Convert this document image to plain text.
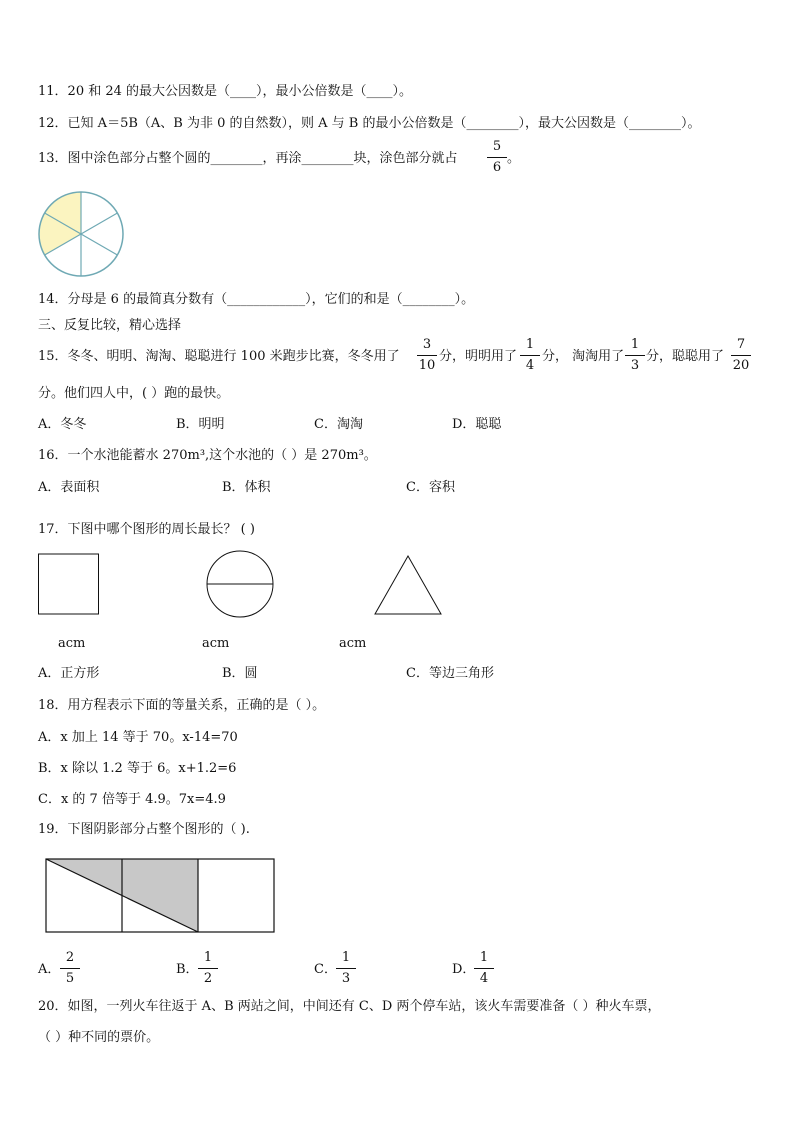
11．20 和 24 的最大公因数是（____），最小公倍数是（____）。
12．已知 A＝5B（A、B 为非 0 的自然数），则 A 与 B 的最小公倍数是（________），最大公因数是（________）。
13．图中涂色部分占整个圆的________，再涂________块，涂色部分就占
5
6
。
14．分母是 6 的最简真分数有（____________），它们的和是（________）。
三、反复比较，精心选择
15．冬冬、明明、淘淘、聪聪进行 100 米跑步比赛，冬冬用了
3
10
分，明明用了
1
4
分， 淘淘用了
1
3
分，聪聪用了
7
20
分。他们四人中，( ）跑的最快。
A．冬冬	B．明明	C．淘淘	D．聪聪
16．一个水池能蓄水 270m³,这个水池的（ ）是 270m³。
A．表面积	B．体积	C．容积
17．下图中哪个图形的周长最长？ ( )
acm	acm	acm
A．正方形	B．圆	C．等边三角形
18．用方程表示下面的等量关系，正确的是（ ）。
A．x 加上 14 等于 70。x-14=70
B．x 除以 1.2 等于 6。x+1.2=6
C．x 的 7 倍等于 4.9。7x=4.9
19．下图阴影部分占整个图形的（ ).
A．
2
5
B．
1
2
C．
1
3
D．
1
4
20．如图，一列火车往返于 A、B 两站之间，中间还有 C、D 两个停车站，该火车需要准备（ ）种火车票，
（ ）种不同的票价。
